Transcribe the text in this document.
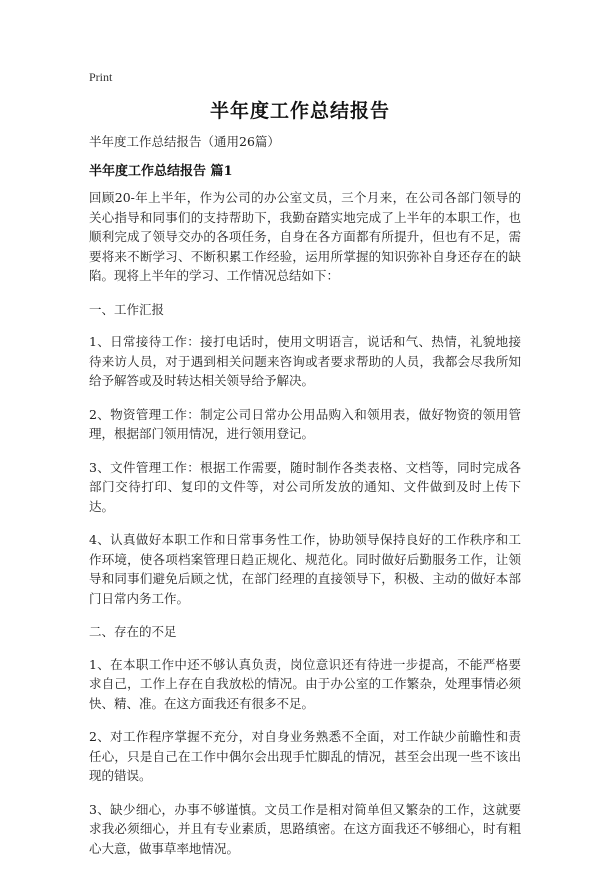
Print
半年度工作总结报告

半年度工作总结报告（通用26篇）

半年度工作总结报告 篇1

回顾20-年上半年，作为公司的办公室文员，三个月来，在公司各部门领导的关心指导和同事们的支持帮助下，我勤奋踏实地完成了上半年的本职工作，也顺利完成了领导交办的各项任务，自身在各方面都有所提升，但也有不足，需要将来不断学习、不断积累工作经验，运用所掌握的知识弥补自身还存在的缺陷。现将上半年的学习、工作情况总结如下：

一、工作汇报

1、日常接待工作：接打电话时，使用文明语言，说话和气、热情，礼貌地接待来访人员，对于遇到相关问题来咨询或者要求帮助的人员，我都会尽我所知给予解答或及时转达相关领导给予解决。

2、物资管理工作：制定公司日常办公用品购入和领用表，做好物资的领用管理，根据部门领用情况，进行领用登记。

3、文件管理工作：根据工作需要，随时制作各类表格、文档等，同时完成各部门交待打印、复印的文件等，对公司所发放的通知、文件做到及时上传下达。

4、认真做好本职工作和日常事务性工作，协助领导保持良好的工作秩序和工作环境，使各项档案管理日趋正规化、规范化。同时做好后勤服务工作，让领导和同事们避免后顾之忧，在部门经理的直接领导下，积极、主动的做好本部门日常内务工作。

二、存在的不足

1、在本职工作中还不够认真负责，岗位意识还有待进一步提高，不能严格要求自己，工作上存在自我放松的情况。由于办公室的工作繁杂，处理事情必须快、精、准。在这方面我还有很多不足。

2、对工作程序掌握不充分，对自身业务熟悉不全面，对工作缺少前瞻性和责任心，只是自己在工作中偶尔会出现手忙脚乱的情况，甚至会出现一些不该出现的错误。

3、缺少细心，办事不够谨慎。文员工作是相对简单但又繁杂的工作，这就要求我必须细心，并且有专业素质，思路缜密。在这方面我还不够细心，时有粗心大意，做事草率地情况。
